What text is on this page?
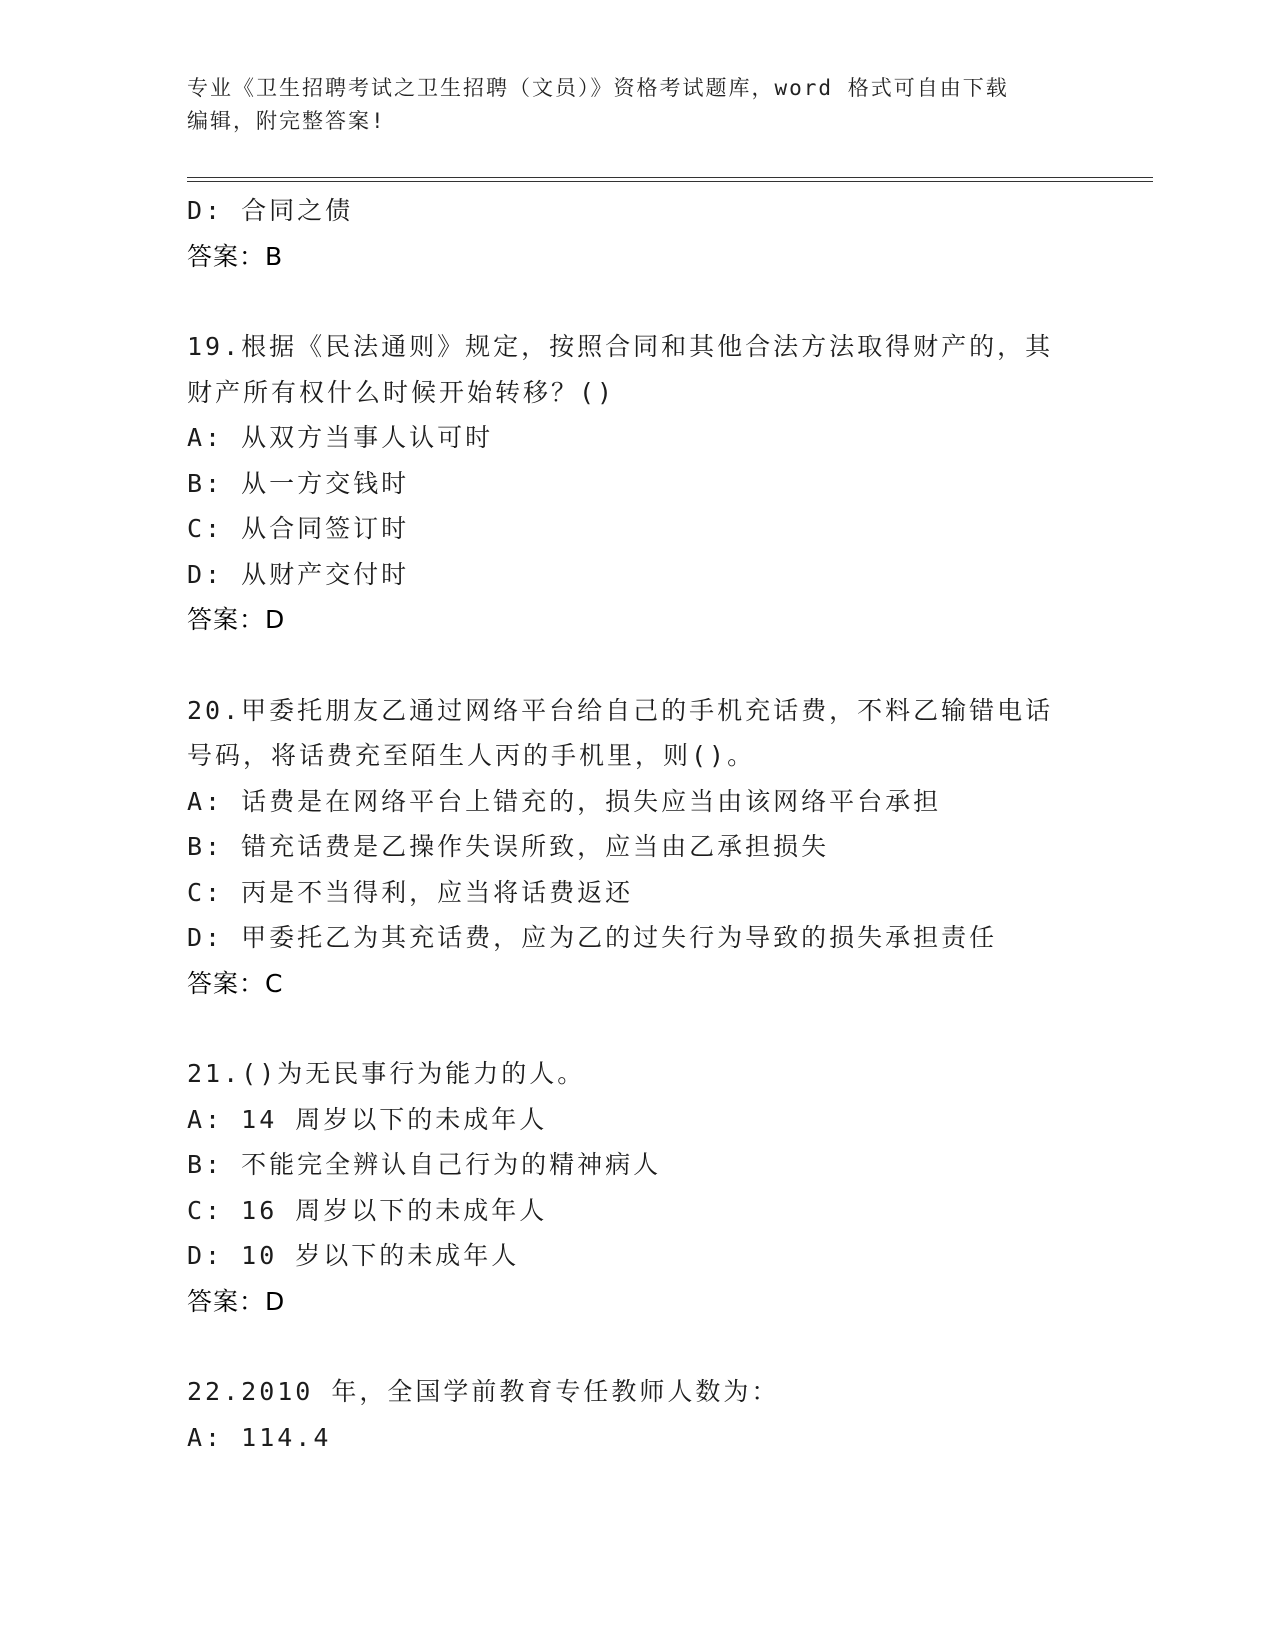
专业《卫生招聘考试之卫生招聘（文员）》资格考试题库，word 格式可自由下载
编辑，附完整答案!

D: 合同之债

答案：B

19.根据《民法通则》规定，按照合同和其他合法方法取得财产的，其

财产所有权什么时候开始转移？()

A: 从双方当事人认可时

B: 从一方交钱时

C: 从合同签订时

D: 从财产交付时

答案：D

20.甲委托朋友乙通过网络平台给自己的手机充话费，不料乙输错电话

号码，将话费充至陌生人丙的手机里，则()。

A: 话费是在网络平台上错充的，损失应当由该网络平台承担

B: 错充话费是乙操作失误所致，应当由乙承担损失

C: 丙是不当得利，应当将话费返还

D: 甲委托乙为其充话费，应为乙的过失行为导致的损失承担责任

答案：C

21.()为无民事行为能力的人。

A: 14 周岁以下的未成年人

B: 不能完全辨认自己行为的精神病人

C: 16 周岁以下的未成年人

D: 10 岁以下的未成年人

答案：D

22.2010 年，全国学前教育专任教师人数为：

A: 114.4
